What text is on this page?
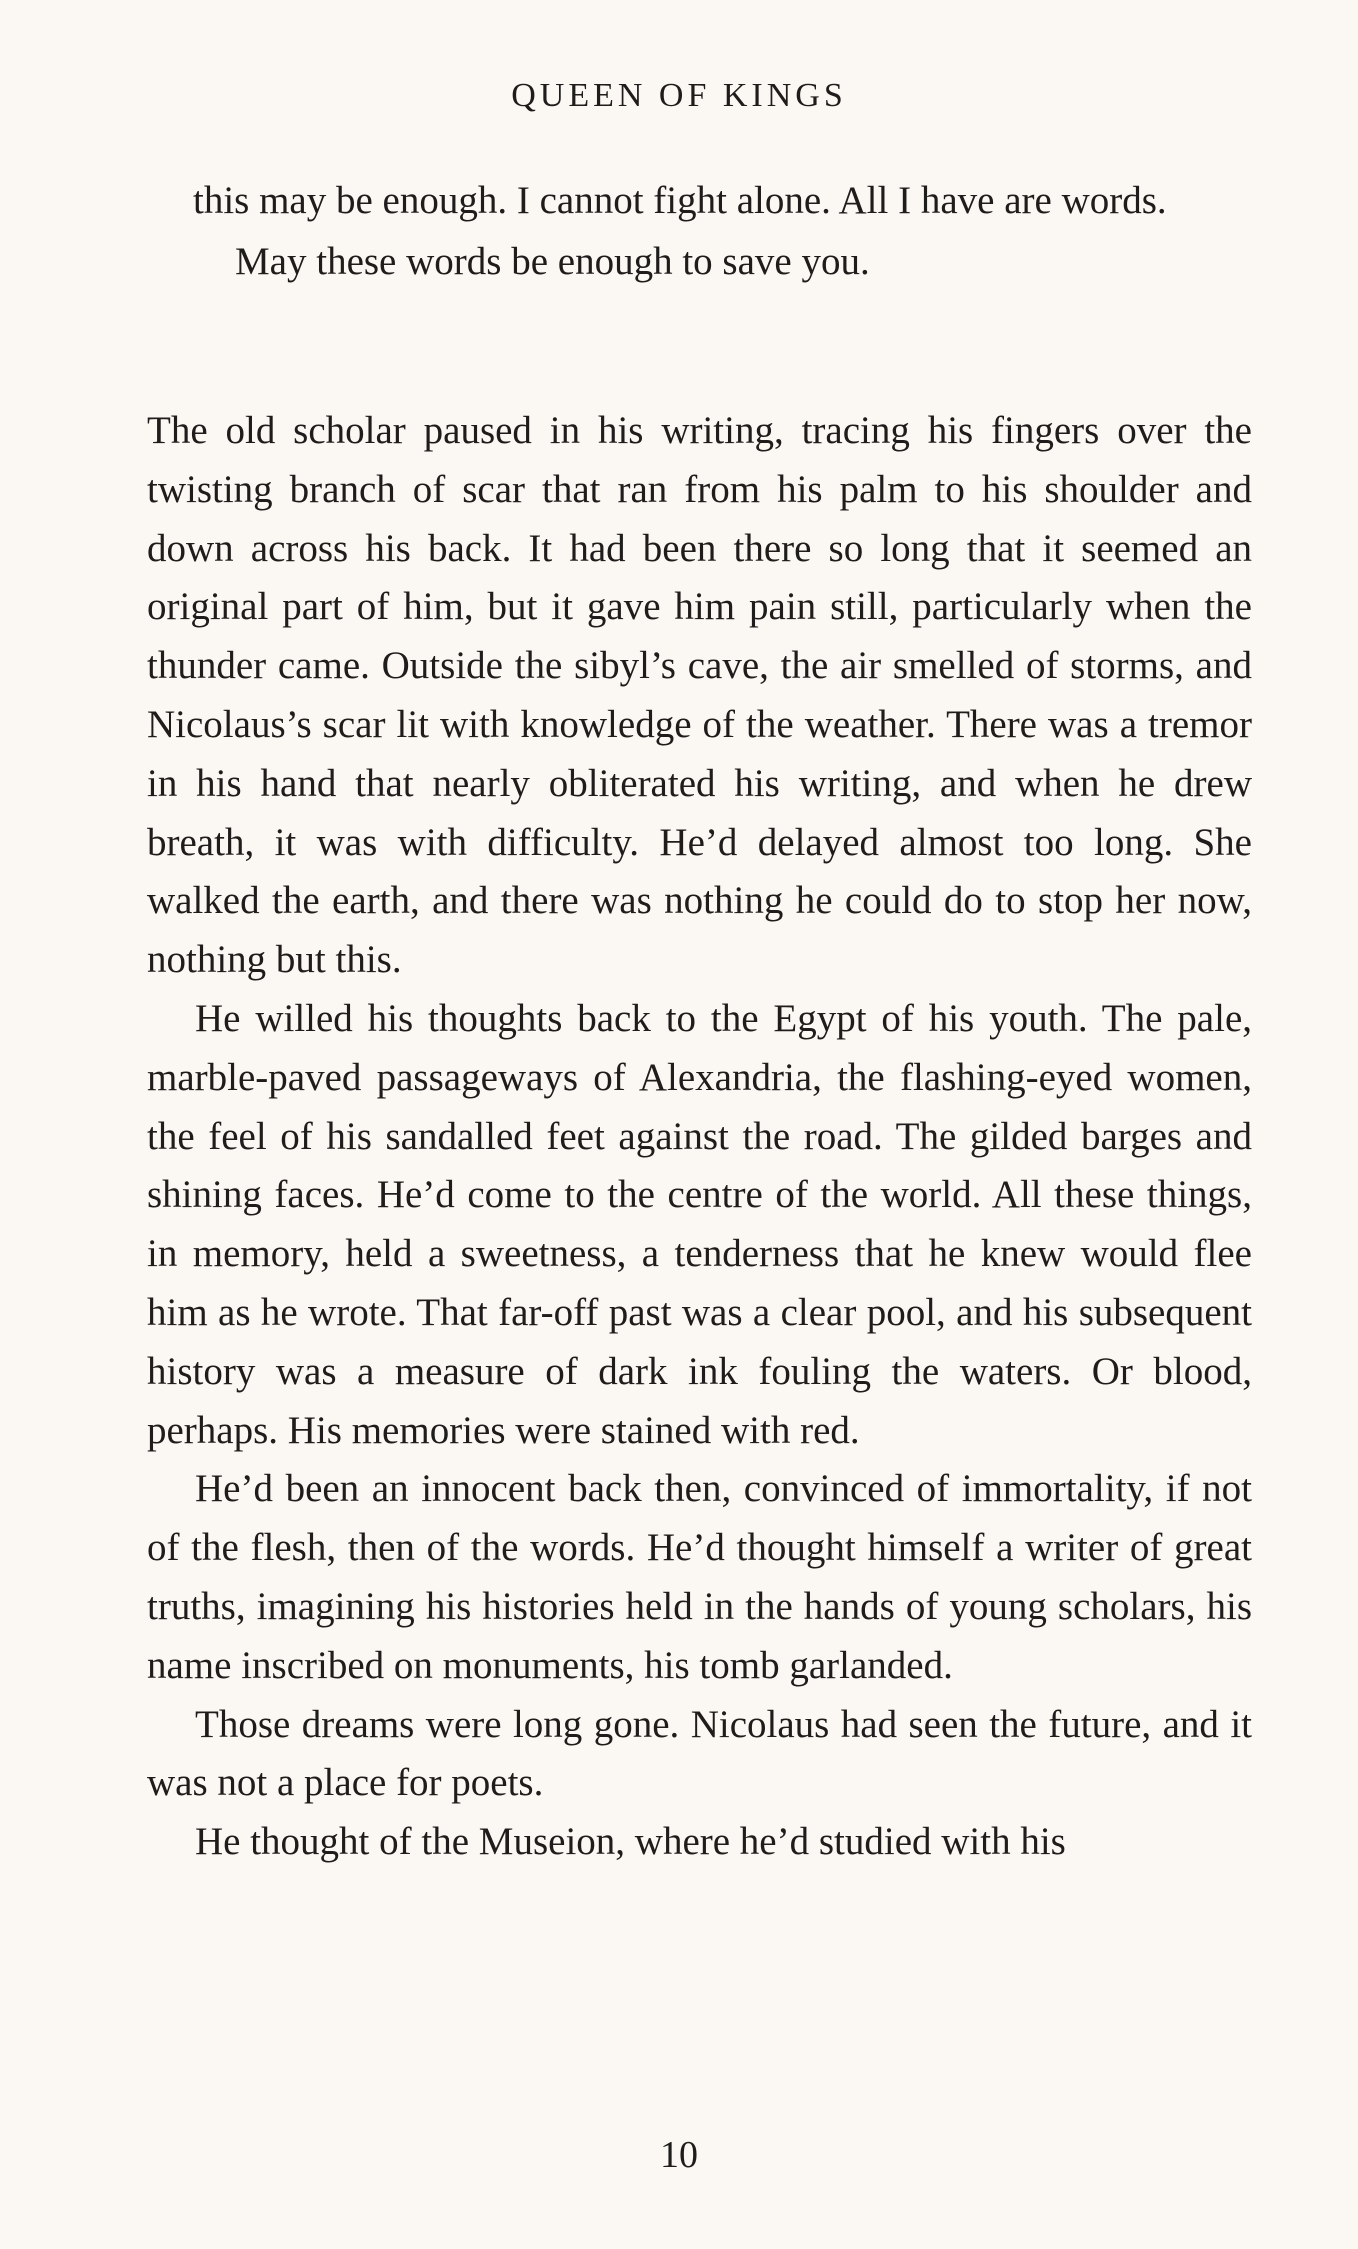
QUEEN OF KINGS

this may be enough. I cannot fight alone. All I have are words.

May these words be enough to save you.

The old scholar paused in his writing, tracing his fingers over the twisting branch of scar that ran from his palm to his shoulder and down across his back. It had been there so long that it seemed an original part of him, but it gave him pain still, particularly when the thunder came. Outside the sibyl’s cave, the air smelled of storms, and Nicolaus’s scar lit with knowledge of the weather. There was a tremor in his hand that nearly obliterated his writing, and when he drew breath, it was with difficulty. He’d delayed almost too long. She walked the earth, and there was nothing he could do to stop her now, nothing but this.

He willed his thoughts back to the Egypt of his youth. The pale, marble-paved passageways of Alexandria, the flashing-eyed women, the feel of his sandalled feet against the road. The gilded barges and shining faces. He’d come to the centre of the world. All these things, in memory, held a sweetness, a tenderness that he knew would flee him as he wrote. That far-off past was a clear pool, and his subsequent history was a measure of dark ink fouling the waters. Or blood, perhaps. His memories were stained with red.

He’d been an innocent back then, convinced of immortality, if not of the flesh, then of the words. He’d thought himself a writer of great truths, imagining his histories held in the hands of young scholars, his name inscribed on monuments, his tomb garlanded.

Those dreams were long gone. Nicolaus had seen the future, and it was not a place for poets.

He thought of the Museion, where he’d studied with his

10
